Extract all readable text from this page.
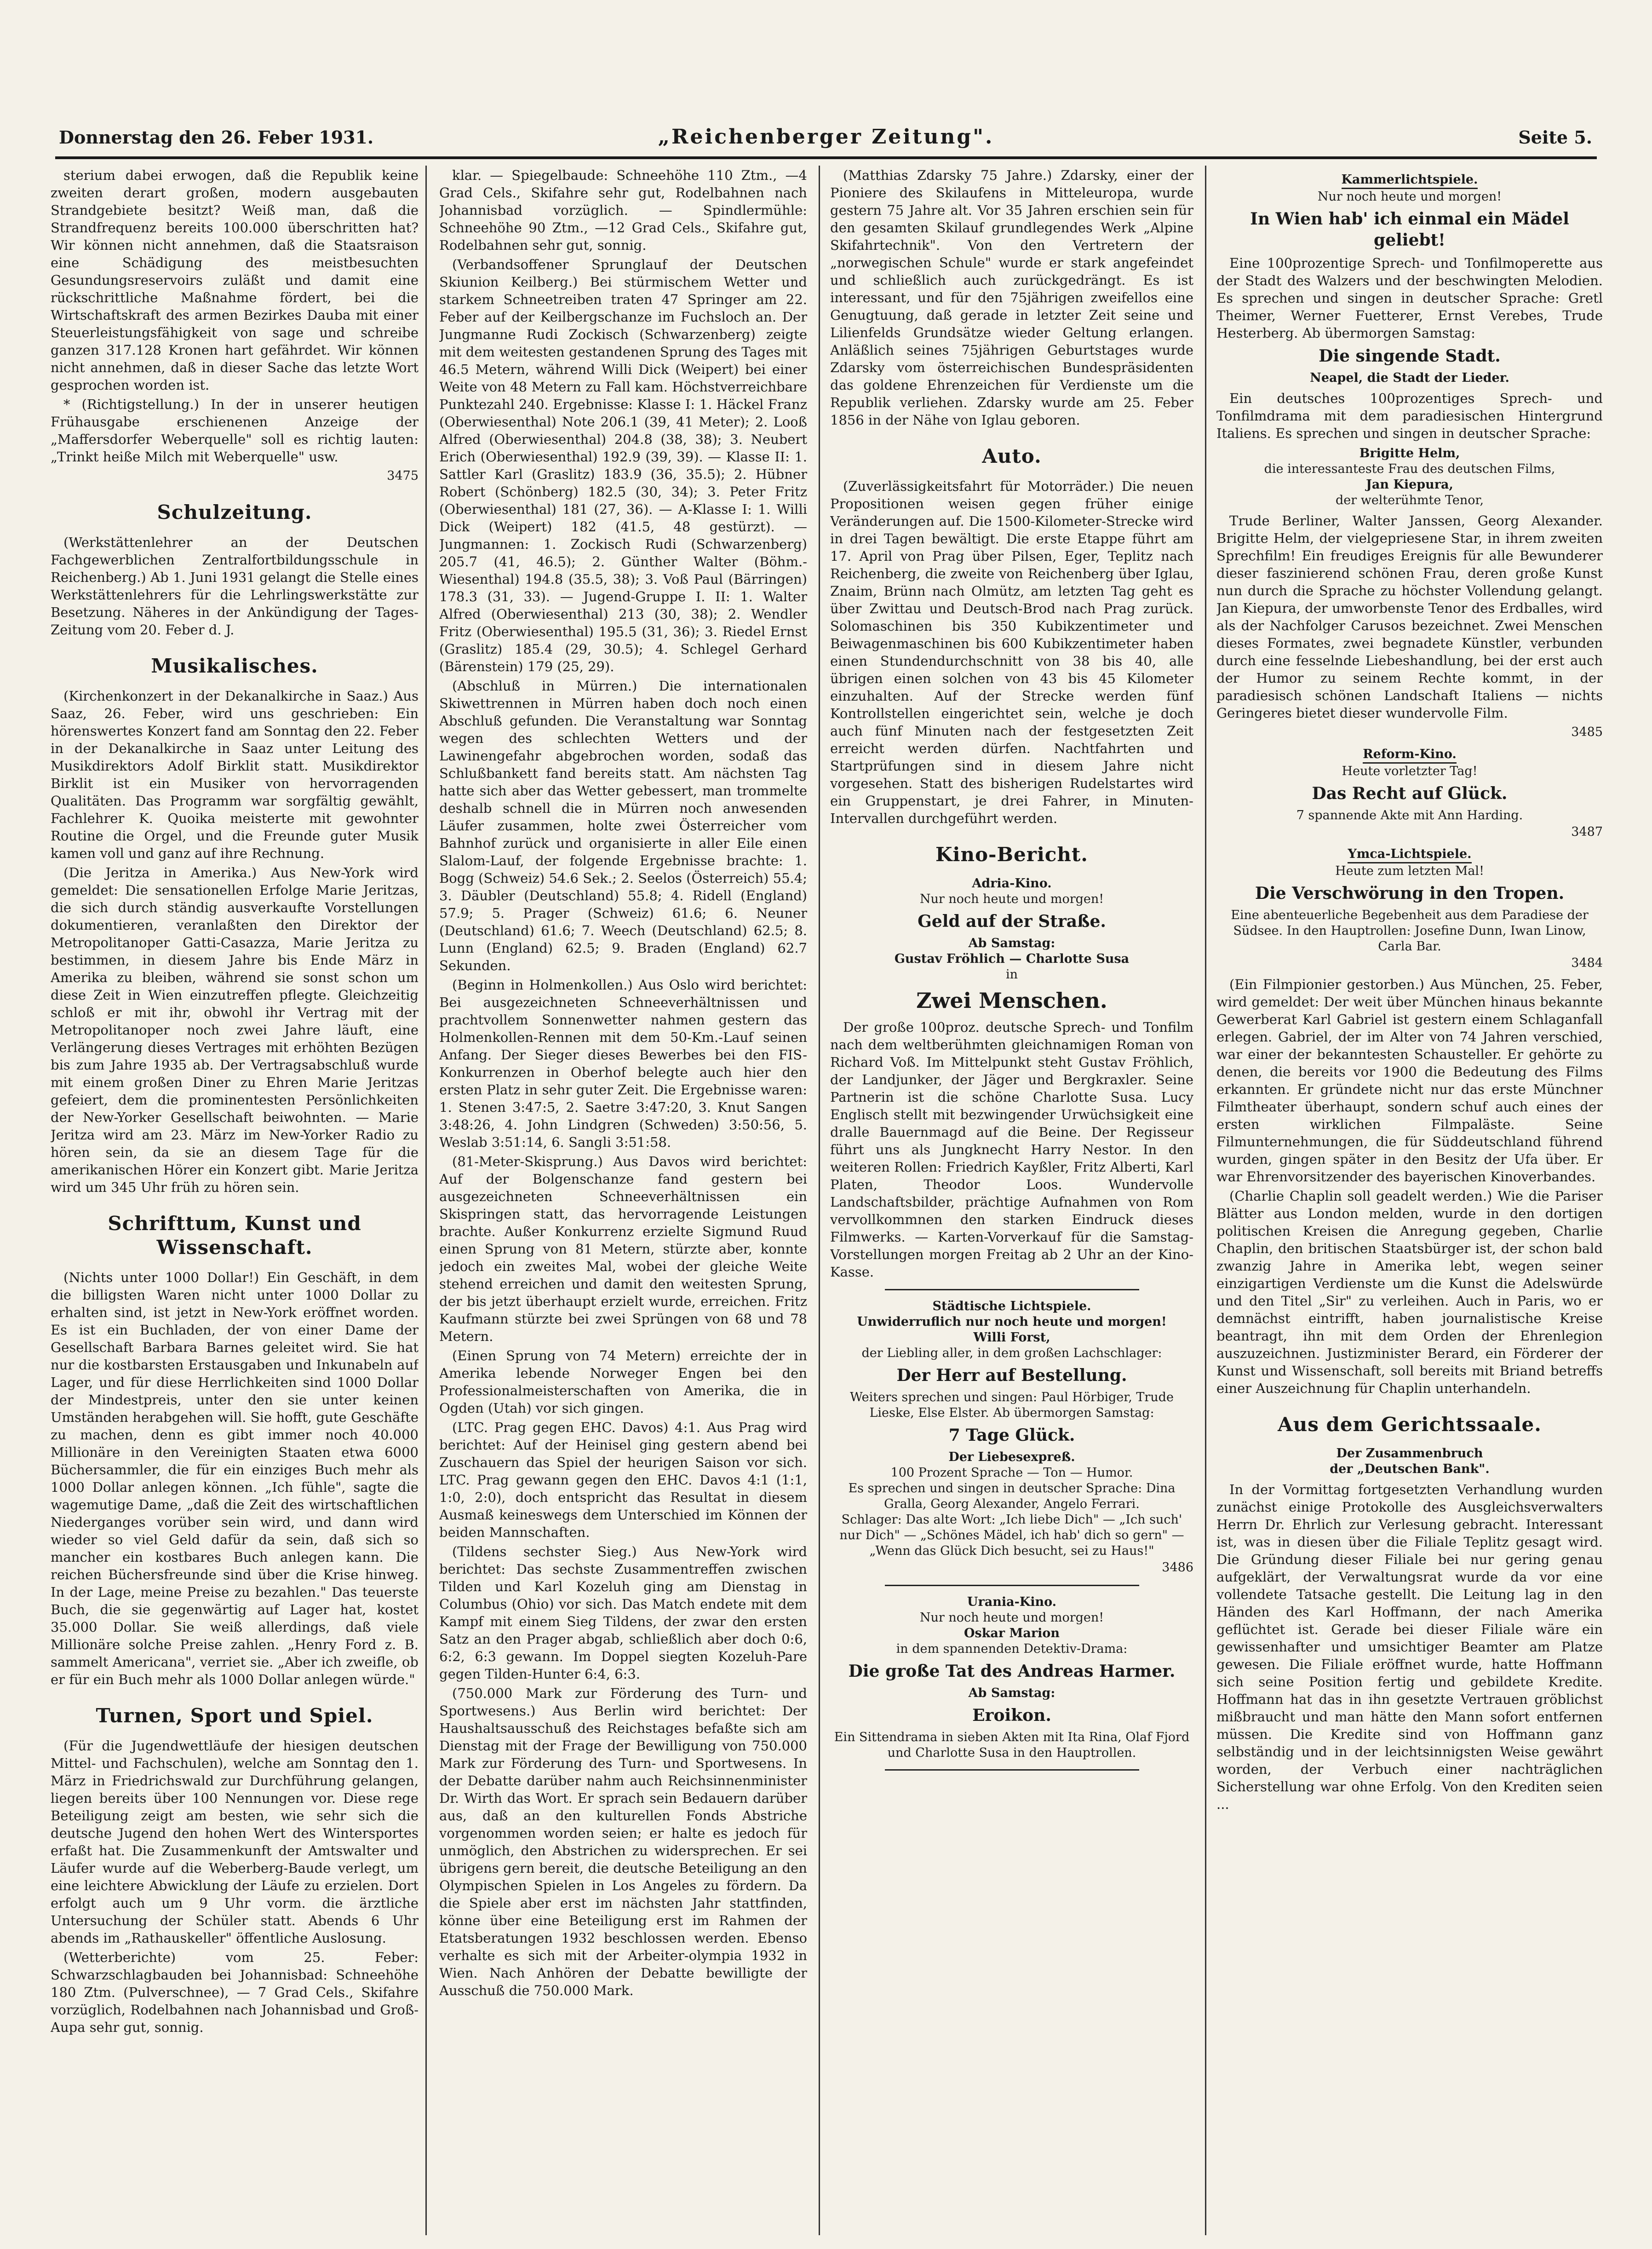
Donnerstag den 26. Feber 1931.	„Reichenberger Zeitung".	Seite 5.

sterium dabei erwogen, daß die Republik keine zweiten derart großen, modern ausgebauten Strandgebiete besitzt? Weiß man, daß die Strandfrequenz bereits 100.000 überschritten hat? Wir können nicht annehmen, daß die Staatsraison eine Schädigung des meistbesuchten Gesundungsreservoirs zuläßt und damit eine rückschrittliche Maßnahme fördert, bei die Wirtschaftskraft des armen Bezirkes Dauba mit einer Steuerleistungsfähigkeit von sage und schreibe ganzen 317.128 Kronen hart gefährdet. Wir können nicht annehmen, daß in dieser Sache das letzte Wort gesprochen worden ist.

* (Richtigstellung.) In der in unserer heutigen Frühausgabe erschienenen Anzeige der „Maffersdorfer Weberquelle" soll es richtig lauten: „Trinkt heiße Milch mit Weberquelle" usw.

3475
Schulzeitung.

(Werkstättenlehrer an der Deutschen Fachgewerblichen Zentralfortbildungsschule in Reichenberg.) Ab 1. Juni 1931 gelangt die Stelle eines Werkstättenlehrers für die Lehrlingswerkstätte zur Besetzung. Näheres in der Ankündigung der Tages-Zeitung vom 20. Feber d. J.

Musikalisches.

(Kirchenkonzert in der Dekanalkirche in Saaz.) Aus Saaz, 26. Feber, wird uns geschrieben: Ein hörenswertes Konzert fand am Sonntag den 22. Feber in der Dekanalkirche in Saaz unter Leitung des Musikdirektors Adolf Birklit statt. Musikdirektor Birklit ist ein Musiker von hervorragenden Qualitäten. Das Programm war sorgfältig gewählt, Fachlehrer K. Quoika meisterte mit gewohnter Routine die Orgel, und die Freunde guter Musik kamen voll und ganz auf ihre Rechnung.

(Die Jeritza in Amerika.) Aus New-York wird gemeldet: Die sensationellen Erfolge Marie Jeritzas, die sich durch ständig ausverkaufte Vorstellungen dokumentieren, veranlaßten den Direktor der Metropolitanoper Gatti-Casazza, Marie Jeritza zu bestimmen, in diesem Jahre bis Ende März in Amerika zu bleiben, während sie sonst schon um diese Zeit in Wien einzutreffen pflegte. Gleichzeitig schloß er mit ihr, obwohl ihr Vertrag mit der Metropolitanoper noch zwei Jahre läuft, eine Verlängerung dieses Vertrages mit erhöhten Bezügen bis zum Jahre 1935 ab. Der Vertragsabschluß wurde mit einem großen Diner zu Ehren Marie Jeritzas gefeiert, dem die prominentesten Persönlichkeiten der New-Yorker Gesellschaft beiwohnten. — Marie Jeritza wird am 23. März im New-Yorker Radio zu hören sein, da sie an diesem Tage für die amerikanischen Hörer ein Konzert gibt. Marie Jeritza wird um 345 Uhr früh zu hören sein.

Schrifttum, Kunst und Wissenschaft.

(Nichts unter 1000 Dollar!) Ein Geschäft, in dem die billigsten Waren nicht unter 1000 Dollar zu erhalten sind, ist jetzt in New-York eröffnet worden. Es ist ein Buchladen, der von einer Dame der Gesellschaft Barbara Barnes geleitet wird. Sie hat nur die kostbarsten Erstausgaben und Inkunabeln auf Lager, und für diese Herrlichkeiten sind 1000 Dollar der Mindestpreis, unter den sie unter keinen Umständen herabgehen will. Sie hofft, gute Geschäfte zu machen, denn es gibt immer noch 40.000 Millionäre in den Vereinigten Staaten etwa 6000 Büchersammler, die für ein einziges Buch mehr als 1000 Dollar anlegen können. „Ich fühle", sagte die wagemutige Dame, „daß die Zeit des wirtschaftlichen Niederganges vorüber sein wird, und dann wird wieder so viel Geld dafür da sein, daß sich so mancher ein kostbares Buch anlegen kann. Die reichen Büchersfreunde sind über die Krise hinweg. In der Lage, meine Preise zu bezahlen." Das teuerste Buch, die sie gegenwärtig auf Lager hat, kostet 35.000 Dollar. Sie weiß allerdings, daß viele Millionäre solche Preise zahlen. „Henry Ford z. B. sammelt Americana", verriet sie. „Aber ich zweifle, ob er für ein Buch mehr als 1000 Dollar anlegen würde."

Turnen, Sport und Spiel.

(Für die Jugendwettläufe der hiesigen deutschen Mittel- und Fachschulen), welche am Sonntag den 1. März in Friedrichswald zur Durchführung gelangen, liegen bereits über 100 Nennungen vor. Diese rege Beteiligung zeigt am besten, wie sehr sich die deutsche Jugend den hohen Wert des Wintersportes erfaßt hat. Die Zusammenkunft der Amtswalter und Läufer wurde auf die Weberberg-Baude verlegt, um eine leichtere Abwicklung der Läufe zu erzielen. Dort erfolgt auch um 9 Uhr vorm. die ärztliche Untersuchung der Schüler statt. Abends 6 Uhr abends im „Rathauskeller" öffentliche Auslosung.

(Wetterberichte) vom 25. Feber: Schwarzschlagbauden bei Johannisbad: Schneehöhe 180 Ztm. (Pulverschnee), — 7 Grad Cels., Skifahre vorzüglich, Rodelbahnen nach Johannisbad und Groß-Aupa sehr gut, sonnig.

klar. — Spiegelbaude: Schneehöhe 110 Ztm., —4 Grad Cels., Skifahre sehr gut, Rodelbahnen nach Johannisbad vorzüglich. — Spindlermühle: Schneehöhe 90 Ztm., —12 Grad Cels., Skifahre gut, Rodelbahnen sehr gut, sonnig.

(Verbandsoffener Sprunglauf der Deutschen Skiunion Keilberg.) Bei stürmischem Wetter und starkem Schneetreiben traten 47 Springer am 22. Feber auf der Keilbergschanze im Fuchsloch an. Der Jungmanne Rudi Zockisch (Schwarzenberg) zeigte mit dem weitesten gestandenen Sprung des Tages mit 46.5 Metern, während Willi Dick (Weipert) bei einer Weite von 48 Metern zu Fall kam. Höchstverreichbare Punktezahl 240. Ergebnisse: Klasse I: 1. Häckel Franz (Oberwiesenthal) Note 206.1 (39, 41 Meter); 2. Looß Alfred (Oberwiesenthal) 204.8 (38, 38); 3. Neubert Erich (Oberwiesenthal) 192.9 (39, 39). — Klasse II: 1. Sattler Karl (Graslitz) 183.9 (36, 35.5); 2. Hübner Robert (Schönberg) 182.5 (30, 34); 3. Peter Fritz (Oberwiesenthal) 181 (27, 36). — A-Klasse I: 1. Willi Dick (Weipert) 182 (41.5, 48 gestürzt). — Jungmannen: 1. Zockisch Rudi (Schwarzenberg) 205.7 (41, 46.5); 2. Günther Walter (Böhm.-Wiesenthal) 194.8 (35.5, 38); 3. Voß Paul (Bärringen) 178.3 (31, 33). — Jugend-Gruppe I. II: 1. Walter Alfred (Oberwiesenthal) 213 (30, 38); 2. Wendler Fritz (Oberwiesenthal) 195.5 (31, 36); 3. Riedel Ernst (Graslitz) 185.4 (29, 30.5); 4. Schlegel Gerhard (Bärenstein) 179 (25, 29).

(Abschluß in Mürren.) Die internationalen Skiwettrennen in Mürren haben doch noch einen Abschluß gefunden. Die Veranstaltung war Sonntag wegen des schlechten Wetters und der Lawinengefahr abgebrochen worden, sodaß das Schlußbankett fand bereits statt. Am nächsten Tag hatte sich aber das Wetter gebessert, man trommelte deshalb schnell die in Mürren noch anwesenden Läufer zusammen, holte zwei Österreicher vom Bahnhof zurück und organisierte in aller Eile einen Slalom-Lauf, der folgende Ergebnisse brachte: 1. Bogg (Schweiz) 54.6 Sek.; 2. Seelos (Österreich) 55.4; 3. Däubler (Deutschland) 55.8; 4. Ridell (England) 57.9; 5. Prager (Schweiz) 61.6; 6. Neuner (Deutschland) 61.6; 7. Weech (Deutschland) 62.5; 8. Lunn (England) 62.5; 9. Braden (England) 62.7 Sekunden.

(Beginn in Holmenkollen.) Aus Oslo wird berichtet: Bei ausgezeichneten Schneeverhältnissen und prachtvollem Sonnenwetter nahmen gestern das Holmenkollen-Rennen mit dem 50-Km.-Lauf seinen Anfang. Der Sieger dieses Bewerbes bei den FIS-Konkurrenzen in Oberhof belegte auch hier den ersten Platz in sehr guter Zeit. Die Ergebnisse waren: 1. Stenen 3:47:5, 2. Saetre 3:47:20, 3. Knut Sangen 3:48:26, 4. John Lindgren (Schweden) 3:50:56, 5. Weslab 3:51:14, 6. Sangli 3:51:58.

(81-Meter-Skisprung.) Aus Davos wird berichtet: Auf der Bolgenschanze fand gestern bei ausgezeichneten Schneeverhältnissen ein Skispringen statt, das hervorragende Leistungen brachte. Außer Konkurrenz erzielte Sigmund Ruud einen Sprung von 81 Metern, stürzte aber, konnte jedoch ein zweites Mal, wobei der gleiche Weite stehend erreichen und damit den weitesten Sprung, der bis jetzt überhaupt erzielt wurde, erreichen. Fritz Kaufmann stürzte bei zwei Sprüngen von 68 und 78 Metern.

(Einen Sprung von 74 Metern) erreichte der in Amerika lebende Norweger Engen bei den Professionalmeisterschaften von Amerika, die in Ogden (Utah) vor sich gingen.

(LTC. Prag gegen EHC. Davos) 4:1. Aus Prag wird berichtet: Auf der Heinisel ging gestern abend bei Zuschauern das Spiel der heurigen Saison vor sich. LTC. Prag gewann gegen den EHC. Davos 4:1 (1:1, 1:0, 2:0), doch entspricht das Resultat in diesem Ausmaß keineswegs dem Unterschied im Können der beiden Mannschaften.

(Tildens sechster Sieg.) Aus New-York wird berichtet: Das sechste Zusammentreffen zwischen Tilden und Karl Kozeluh ging am Dienstag in Columbus (Ohio) vor sich. Das Match endete mit dem Kampf mit einem Sieg Tildens, der zwar den ersten Satz an den Prager abgab, schließlich aber doch 0:6, 6:2, 6:3 gewann. Im Doppel siegten Kozeluh-Pare gegen Tilden-Hunter 6:4, 6:3.

(750.000 Mark zur Förderung des Turn- und Sportwesens.) Aus Berlin wird berichtet: Der Haushaltsausschuß des Reichstages befaßte sich am Dienstag mit der Frage der Bewilligung von 750.000 Mark zur Förderung des Turn- und Sportwesens. In der Debatte darüber nahm auch Reichsinnenminister Dr. Wirth das Wort. Er sprach sein Bedauern darüber aus, daß an den kulturellen Fonds Abstriche vorgenommen worden seien; er halte es jedoch für unmöglich, den Abstrichen zu widersprechen. Er sei übrigens gern bereit, die deutsche Beteiligung an den Olympischen Spielen in Los Angeles zu fördern. Da die Spiele aber erst im nächsten Jahr stattfinden, könne über eine Beteiligung erst im Rahmen der Etatsberatungen 1932 beschlossen werden. Ebenso verhalte es sich mit der Arbeiter-olympia 1932 in Wien. Nach Anhören der Debatte bewilligte der Ausschuß die 750.000 Mark.

(Matthias Zdarsky 75 Jahre.) Zdarsky, einer der Pioniere des Skilaufens in Mitteleuropa, wurde gestern 75 Jahre alt. Vor 35 Jahren erschien sein für den gesamten Skilauf grundlegendes Werk „Alpine Skifahrtechnik". Von den Vertretern der „norwegischen Schule" wurde er stark angefeindet und schließlich auch zurückgedrängt. Es ist interessant, und für den 75jährigen zweifellos eine Genugtuung, daß gerade in letzter Zeit seine und Lilienfelds Grundsätze wieder Geltung erlangen. Anläßlich seines 75jährigen Geburtstages wurde Zdarsky vom österreichischen Bundespräsidenten das goldene Ehrenzeichen für Verdienste um die Republik verliehen. Zdarsky wurde am 25. Feber 1856 in der Nähe von Iglau geboren.

Auto.

(Zuverlässigkeitsfahrt für Motorräder.) Die neuen Propositionen weisen gegen früher einige Veränderungen auf. Die 1500-Kilometer-Strecke wird in drei Tagen bewältigt. Die erste Etappe führt am 17. April von Prag über Pilsen, Eger, Teplitz nach Reichenberg, die zweite von Reichenberg über Iglau, Znaim, Brünn nach Olmütz, am letzten Tag geht es über Zwittau und Deutsch-Brod nach Prag zurück. Solomaschinen bis 350 Kubikzentimeter und Beiwagenmaschinen bis 600 Kubikzentimeter haben einen Stundendurchschnitt von 38 bis 40, alle übrigen einen solchen von 43 bis 45 Kilometer einzuhalten. Auf der Strecke werden fünf Kontrollstellen eingerichtet sein, welche je doch auch fünf Minuten nach der festgesetzten Zeit erreicht werden dürfen. Nachtfahrten und Startprüfungen sind in diesem Jahre nicht vorgesehen. Statt des bisherigen Rudelstartes wird ein Gruppenstart, je drei Fahrer, in Minuten-Intervallen durchgeführt werden.

Kino-Bericht.
Adria-Kino.
Nur noch heute und morgen!
Geld auf der Straße.
Ab Samstag:
Gustav Fröhlich — Charlotte Susa
in
Zwei Menschen.

Der große 100proz. deutsche Sprech- und Tonfilm nach dem weltberühmten gleichnamigen Roman von Richard Voß. Im Mittelpunkt steht Gustav Fröhlich, der Landjunker, der Jäger und Bergkraxler. Seine Partnerin ist die schöne Charlotte Susa. Lucy Englisch stellt mit bezwingender Urwüchsigkeit eine dralle Bauernmagd auf die Beine. Der Regisseur führt uns als Jungknecht Harry Nestor. In den weiteren Rollen: Friedrich Kayßler, Fritz Alberti, Karl Platen, Theodor Loos. Wundervolle Landschaftsbilder, prächtige Aufnahmen von Rom vervollkommnen den starken Eindruck dieses Filmwerks. — Karten-Vorverkauf für die Samstag-Vorstellungen morgen Freitag ab 2 Uhr an der Kino-Kasse.

Städtische Lichtspiele.
Unwiderruflich nur noch heute und morgen!
Willi Forst,
der Liebling aller, in dem großen Lachschlager:
Der Herr auf Bestellung.
Weiters sprechen und singen: Paul Hörbiger, Trude Lieske, Else Elster. Ab übermorgen Samstag:
7 Tage Glück.
Der Liebesexpreß.
100 Prozent Sprache — Ton — Humor.
Es sprechen und singen in deutscher Sprache: Dina Gralla, Georg Alexander, Angelo Ferrari.
Schlager: Das alte Wort: „Ich liebe Dich" — „Ich such' nur Dich" — „Schönes Mädel, ich hab' dich so gern" — „Wenn das Glück Dich besucht, sei zu Haus!"
3486
Urania-Kino.
Nur noch heute und morgen!
Oskar Marion
in dem spannenden Detektiv-Drama:
Die große Tat des Andreas Harmer.
Ab Samstag:
Eroikon.
Ein Sittendrama in sieben Akten mit Ita Rina, Olaf Fjord und Charlotte Susa in den Hauptrollen.
Kammerlichtspiele.
Nur noch heute und morgen!
In Wien hab' ich einmal ein Mädel geliebt!

Eine 100prozentige Sprech- und Tonfilmoperette aus der Stadt des Walzers und der beschwingten Melodien. Es sprechen und singen in deutscher Sprache: Gretl Theimer, Werner Fuetterer, Ernst Verebes, Trude Hesterberg. Ab übermorgen Samstag:

Die singende Stadt.
Neapel, die Stadt der Lieder.

Ein deutsches 100prozentiges Sprech- und Tonfilmdrama mit dem paradiesischen Hintergrund Italiens. Es sprechen und singen in deutscher Sprache:

Brigitte Helm,
die interessanteste Frau des deutschen Films,
Jan Kiepura,
der welterühmte Tenor,

Trude Berliner, Walter Janssen, Georg Alexander. Brigitte Helm, der vielgepriesene Star, in ihrem zweiten Sprechfilm! Ein freudiges Ereignis für alle Bewunderer dieser faszinierend schönen Frau, deren große Kunst nun durch die Sprache zu höchster Vollendung gelangt. Jan Kiepura, der umworbenste Tenor des Erdballes, wird als der Nachfolger Carusos bezeichnet. Zwei Menschen dieses Formates, zwei begnadete Künstler, verbunden durch eine fesselnde Liebeshandlung, bei der erst auch der Humor zu seinem Rechte kommt, in der paradiesisch schönen Landschaft Italiens — nichts Geringeres bietet dieser wundervolle Film.

3485
Reform-Kino.

Heute vorletzter Tag!
Das Recht auf Glück.
7 spannende Akte mit Ann Harding.
3487
Ymca-Lichtspiele.

Heute zum letzten Mal!
Die Verschwörung in den Tropen.
Eine abenteuerliche Begebenheit aus dem Paradiese der Südsee. In den Hauptrollen: Josefine Dunn, Iwan Linow, Carla Bar.
3484

(Ein Filmpionier gestorben.) Aus München, 25. Feber, wird gemeldet: Der weit über München hinaus bekannte Gewerberat Karl Gabriel ist gestern einem Schlaganfall erlegen. Gabriel, der im Alter von 74 Jahren verschied, war einer der bekanntesten Schausteller. Er gehörte zu denen, die bereits vor 1900 die Bedeutung des Films erkannten. Er gründete nicht nur das erste Münchner Filmtheater überhaupt, sondern schuf auch eines der ersten wirklichen Filmpaläste. Seine Filmunternehmungen, die für Süddeutschland führend wurden, gingen später in den Besitz der Ufa über. Er war Ehrenvorsitzender des bayerischen Kinoverbandes.

(Charlie Chaplin soll geadelt werden.) Wie die Pariser Blätter aus London melden, wurde in den dortigen politischen Kreisen die Anregung gegeben, Charlie Chaplin, den britischen Staatsbürger ist, der schon bald zwanzig Jahre in Amerika lebt, wegen seiner einzigartigen Verdienste um die Kunst die Adelswürde und den Titel „Sir" zu verleihen. Auch in Paris, wo er demnächst eintrifft, haben journalistische Kreise beantragt, ihn mit dem Orden der Ehrenlegion auszuzeichnen. Justizminister Berard, ein Förderer der Kunst und Wissenschaft, soll bereits mit Briand betreffs einer Auszeichnung für Chaplin unterhandeln.

Aus dem Gerichtssaale.
Der Zusammenbruch
der „Deutschen Bank".

In der Vormittag fortgesetzten Verhandlung wurden zunächst einige Protokolle des Ausgleichsverwalters Herrn Dr. Ehrlich zur Verlesung gebracht. Interessant ist, was in diesen über die Filiale Teplitz gesagt wird. Die Gründung dieser Filiale bei nur gering genau aufgeklärt, der Verwaltungsrat wurde da vor eine vollendete Tatsache gestellt. Die Leitung lag in den Händen des Karl Hoffmann, der nach Amerika geflüchtet ist. Gerade bei dieser Filiale wäre ein gewissenhafter und umsichtiger Beamter am Platze gewesen. Die Filiale eröffnet wurde, hatte Hoffmann sich seine Position fertig und gebildete Kredite. Hoffmann hat das in ihn gesetzte Vertrauen gröblichst mißbraucht und man hätte den Mann sofort entfernen müssen. Die Kredite sind von Hoffmann ganz selbständig und in der leichtsinnigsten Weise gewährt worden, der Verbuch einer nachträglichen Sicherstellung war ohne Erfolg. Von den Krediten seien ...
